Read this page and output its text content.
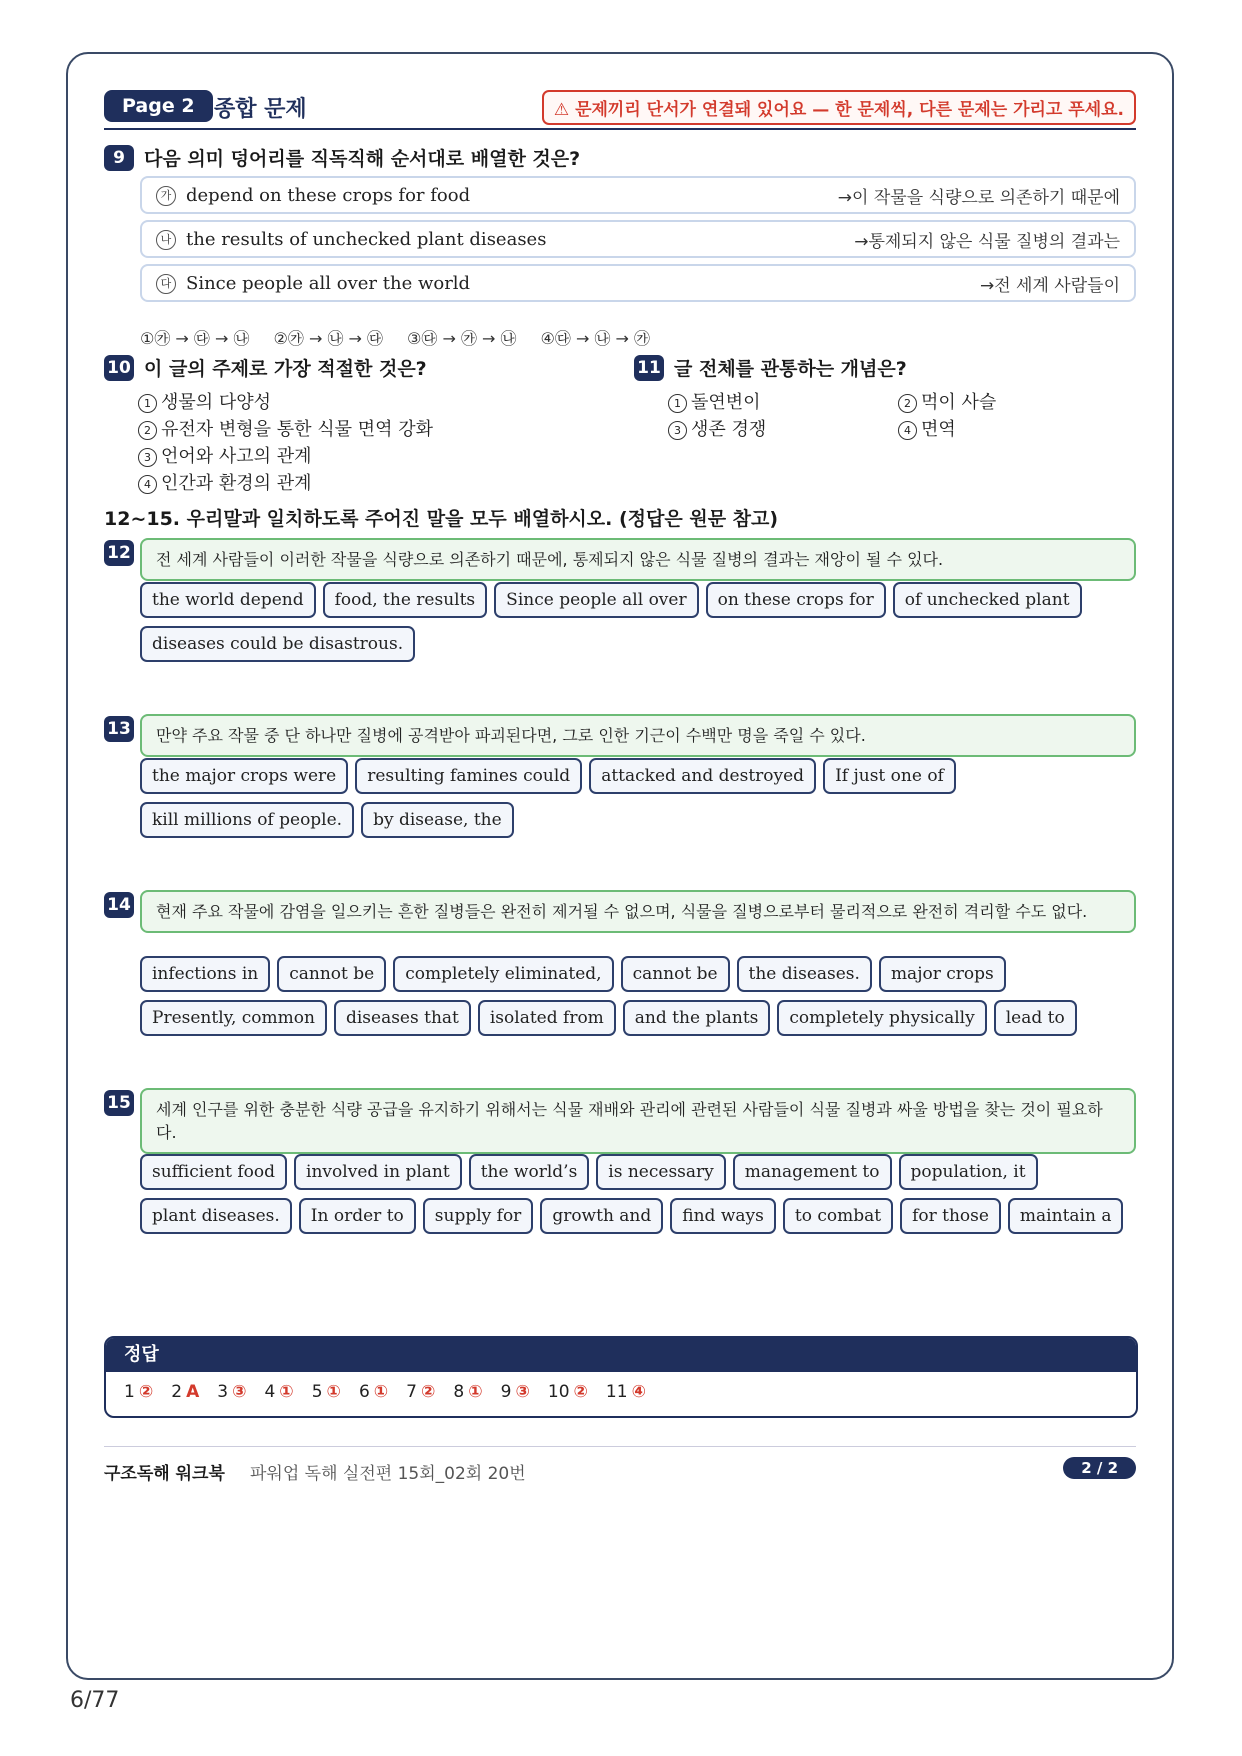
Page 2 종합 문제	⚠ 문제끼리 단서가 연결돼 있어요 — 한 문제씩, 다른 문제는 가리고 푸세요.
9	다음 의미 덩어리를 직독직해 순서대로 배열한 것은?
가 depend on these crops for food	→이 작물을 식량으로 의존하기 때문에
나 the results of unchecked plant diseases	→통제되지 않은 식물 질병의 결과는
다 Since people all over the world	→전 세계 사람들이
①㉮ → ㉰ → ㉯ ②㉮ → ㉯ → ㉰ ③㉰ → ㉮ → ㉯ ④㉰ → ㉯ → ㉮
10 이 글의 주제로 가장 적절한 것은?
1 생물의 다양성
2 유전자 변형을 통한 식물 면역 강화
3 언어와 사고의 관계
4 인간과 환경의 관계
11 글 전체를 관통하는 개념은?
1 돌연변이	2 먹이 사슬
3 생존 경쟁	4 면역
12~15. 우리말과 일치하도록 주어진 말을 모두 배열하시오. (정답은 원문 참고)
12	전 세계 사람들이 이러한 작물을 식량으로 의존하기 때문에, 통제되지 않은 식물 질병의 결과는 재앙이 될 수 있다.
the world depend	food, the results	Since people all over	on these crops for	of unchecked plant
diseases could be disastrous.
13	만약 주요 작물 중 단 하나만 질병에 공격받아 파괴된다면, 그로 인한 기근이 수백만 명을 죽일 수 있다.
the major crops were	resulting famines could	attacked and destroyed	If just one of
kill millions of people.	by disease, the
14	현재 주요 작물에 감염을 일으키는 흔한 질병들은 완전히 제거될 수 없으며, 식물을 질병으로부터 물리적으로 완전히 격리할 수도 없다.
infections in	cannot be	completely eliminated,	cannot be	the diseases.	major crops
Presently, common	diseases that	isolated from	and the plants	completely physically	lead to
15	세계 인구를 위한 충분한 식량 공급을 유지하기 위해서는 식물 재배와 관리에 관련된 사람들이 식물 질병과 싸울 방법을 찾는 것이 필요하다.
sufficient food	involved in plant	the world’s	is necessary	management to	population, it
plant diseases.	In order to	supply for	growth and	find ways	to combat	for those	maintain a
정답
1 ② 2 A 3 ③ 4 ① 5 ① 6 ① 7 ② 8 ① 9 ③ 10 ② 11 ④
구조독해 워크북 파워업 독해 실전편 15회_02회 20번	2 / 2
6/77
